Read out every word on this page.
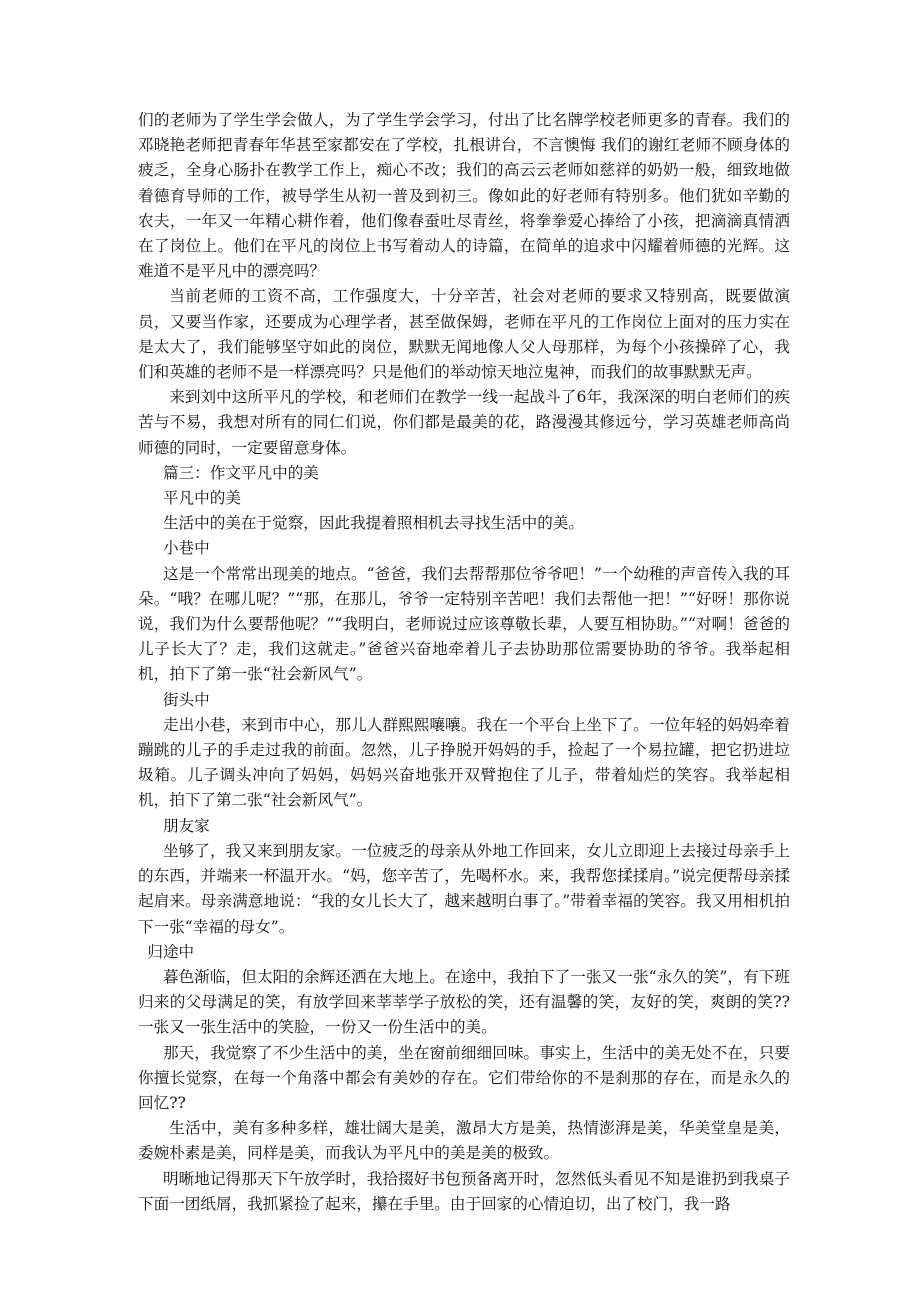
们的老师为了学生学会做人，为了学生学会学习，付出了比名牌学校老师更多的青春。我们的邓晓艳老师把青春年华甚至家都安在了学校，扎根讲台，不言懊悔 我们的谢红老师不顾身体的疲乏，全身心肠扑在教学工作上，痴心不改；我们的高云云老师如慈祥的奶奶一般，细致地做着德育导师的工作，被导学生从初一普及到初三。像如此的好老师有特别多。他们犹如辛勤的农夫，一年又一年精心耕作着，他们像春蚕吐尽青丝，将拳拳爱心捧给了小孩，把滴滴真情洒在了岗位上。他们在平凡的岗位上书写着动人的诗篇，在简单的追求中闪耀着师德的光辉。这难道不是平凡中的漂亮吗？

当前老师的工资不高，工作强度大，十分辛苦，社会对老师的要求又特别高，既要做演员，又要当作家，还要成为心理学者，甚至做保姆，老师在平凡的工作岗位上面对的压力实在是太大了，我们能够坚守如此的岗位，默默无闻地像人父人母那样，为每个小孩操碎了心，我们和英雄的老师不是一样漂亮吗？只是他们的举动惊天地泣鬼神，而我们的故事默默无声。

来到刘中这所平凡的学校，和老师们在教学一线一起战斗了6年，我深深的明白老师们的疾苦与不易，我想对所有的同仁们说，你们都是最美的花，路漫漫其修远兮，学习英雄老师高尚师德的同时，一定要留意身体。

篇三：作文平凡中的美

平凡中的美

生活中的美在于觉察，因此我提着照相机去寻找生活中的美。

小巷中

这是一个常常出现美的地点。“爸爸，我们去帮帮那位爷爷吧！”一个幼稚的声音传入我的耳朵。“哦？在哪儿呢？”“那，在那儿，爷爷一定特别辛苦吧！我们去帮他一把！”“好呀！那你说说，我们为什么要帮他呢？”“我明白，老师说过应该尊敬长辈，人要互相协助。”“对啊！爸爸的儿子长大了？走，我们这就走。”爸爸兴奋地牵着儿子去协助那位需要协助的爷爷。我举起相机，拍下了第一张“社会新风气”。

街头中

走出小巷，来到市中心，那儿人群熙熙嚷嚷。我在一个平台上坐下了。一位年轻的妈妈牵着蹦跳的儿子的手走过我的前面。忽然，儿子挣脱开妈妈的手，捡起了一个易拉罐，把它扔进垃圾箱。儿子调头冲向了妈妈，妈妈兴奋地张开双臂抱住了儿子，带着灿烂的笑容。我举起相机，拍下了第二张“社会新风气”。

朋友家

坐够了，我又来到朋友家。一位疲乏的母亲从外地工作回来，女儿立即迎上去接过母亲手上的东西，并端来一杯温开水。“妈，您辛苦了，先喝杯水。来，我帮您揉揉肩。”说完便帮母亲揉起肩来。母亲满意地说：“我的女儿长大了，越来越明白事了。”带着幸福的笑容。我又用相机拍下一张“幸福的母女”。

归途中

暮色渐临，但太阳的余辉还洒在大地上。在途中，我拍下了一张又一张“永久的笑”，有下班归来的父母满足的笑，有放学回来莘莘学子放松的笑，还有温馨的笑，友好的笑，爽朗的笑??一张又一张生活中的笑脸，一份又一份生活中的美。

那天，我觉察了不少生活中的美，坐在窗前细细回味。事实上，生活中的美无处不在，只要你擅长觉察，在每一个角落中都会有美妙的存在。它们带给你的不是刹那的存在，而是永久的回忆??

生活中，美有多种多样，雄壮阔大是美，激昂大方是美，热情澎湃是美，华美堂皇是美，委婉朴素是美，同样是美，而我认为平凡中的美是美的极致。

明晰地记得那天下午放学时，我拾掇好书包预备离开时，忽然低头看见不知是谁扔到我桌子下面一团纸屑，我抓紧捡了起来，攥在手里。由于回家的心情迫切，出了校门，我一路
